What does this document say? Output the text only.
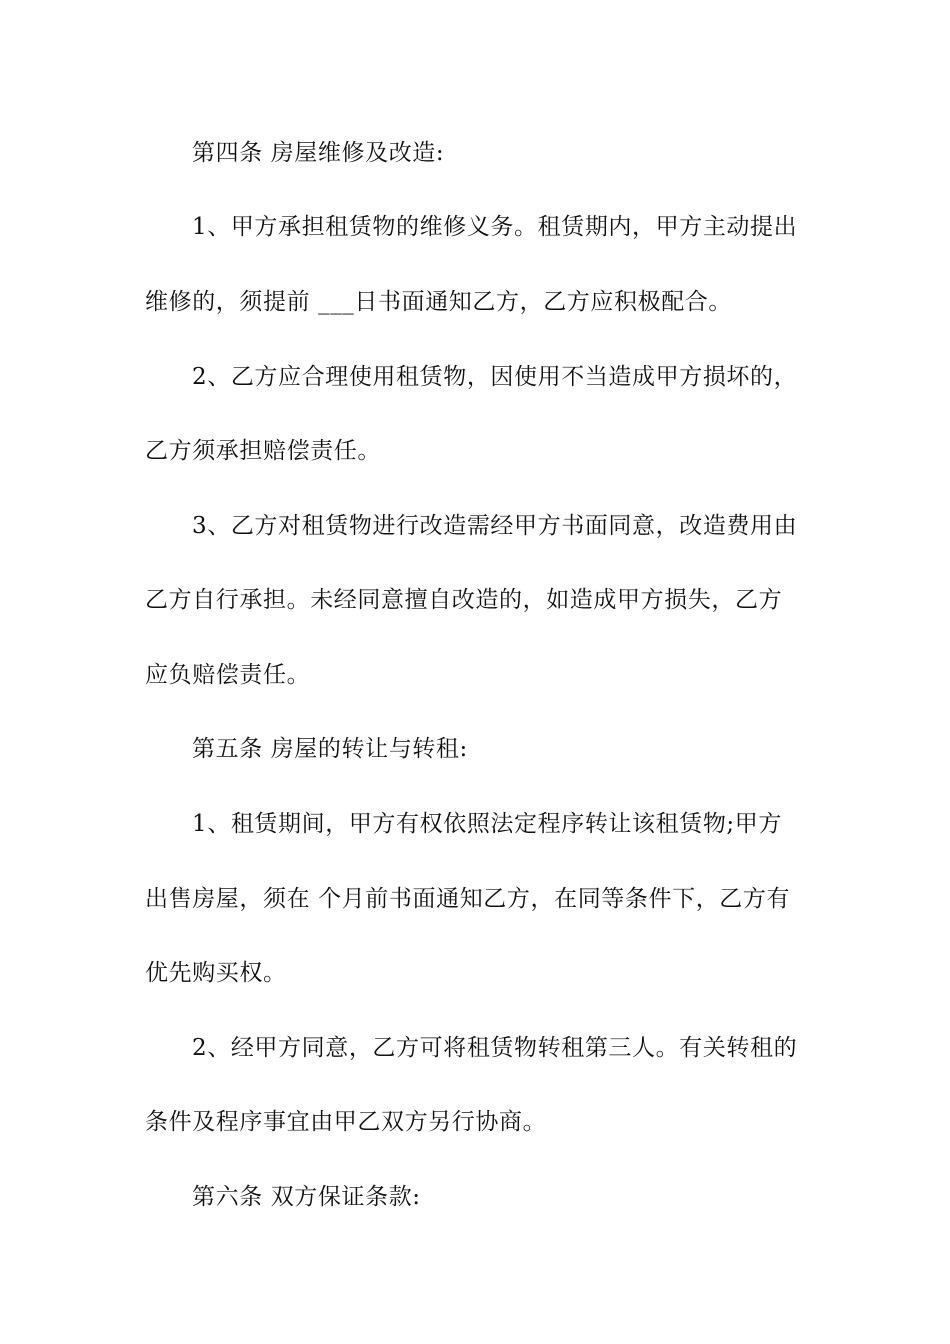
第四条 房屋维修及改造:
1、甲方承担租赁物的维修义务。租赁期内，甲方主动提出
维修的，须提前 ___日书面通知乙方，乙方应积极配合。
2、乙方应合理使用租赁物，因使用不当造成甲方损坏的，
乙方须承担赔偿责任。
3、乙方对租赁物进行改造需经甲方书面同意，改造费用由
乙方自行承担。未经同意擅自改造的，如造成甲方损失，乙方
应负赔偿责任。
第五条 房屋的转让与转租:
1、租赁期间，甲方有权依照法定程序转让该租赁物;甲方
出售房屋，须在 个月前书面通知乙方，在同等条件下，乙方有
优先购买权。
2、经甲方同意，乙方可将租赁物转租第三人。有关转租的
条件及程序事宜由甲乙双方另行协商。
第六条 双方保证条款:
